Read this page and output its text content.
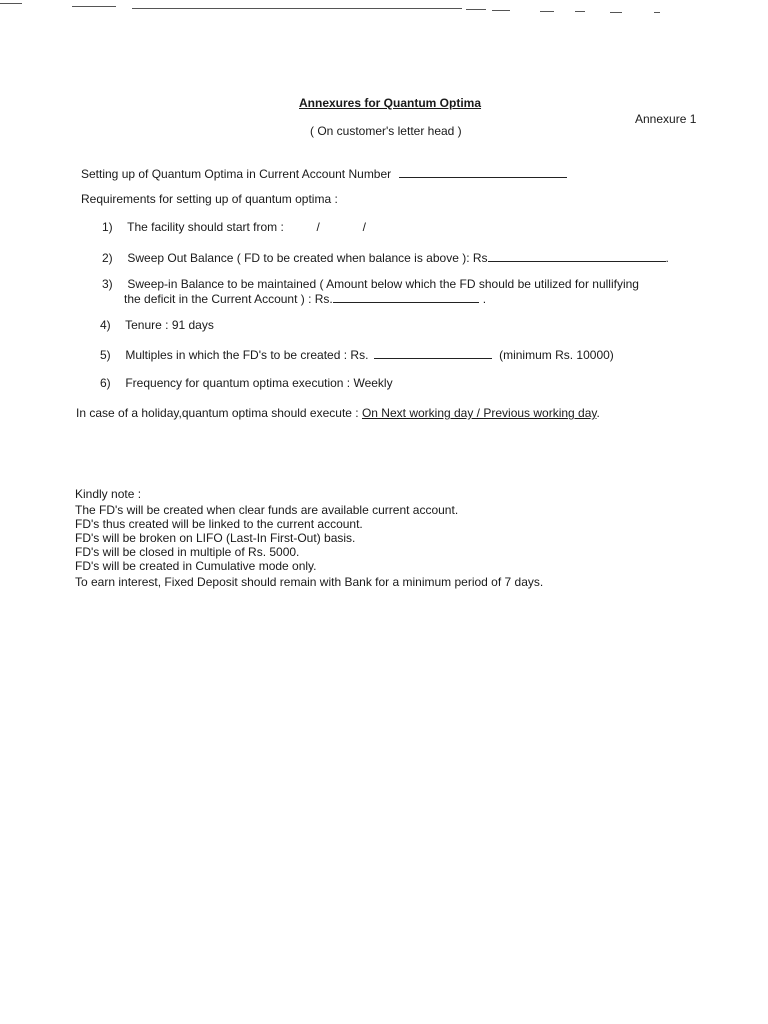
Annexures for Quantum Optima
Annexure 1
( On customer's letter head )
Setting up of Quantum Optima in Current Account Number
Requirements for setting up of quantum optima :
1) The facility should start from :	/	/
2) Sweep Out Balance ( FD to be created when balance is above ): Rs	.
3) Sweep-in Balance to be maintained ( Amount below which the FD should be utilized for nullifying
the deficit in the Current Account ) : Rs.	.
4) Tenure : 91 days
5) Multiples in which the FD's to be created : Rs.	(minimum Rs. 10000)
6) Frequency for quantum optima execution : Weekly
In case of a holiday,quantum optima should execute : On Next working day / Previous working day.
Kindly note :
The FD's will be created when clear funds are available current account.
FD's thus created will be linked to the current account.
FD's will be broken on LIFO (Last-In First-Out) basis.
FD's will be closed in multiple of Rs. 5000.
FD's will be created in Cumulative mode only.
To earn interest, Fixed Deposit should remain with Bank for a minimum period of 7 days.
